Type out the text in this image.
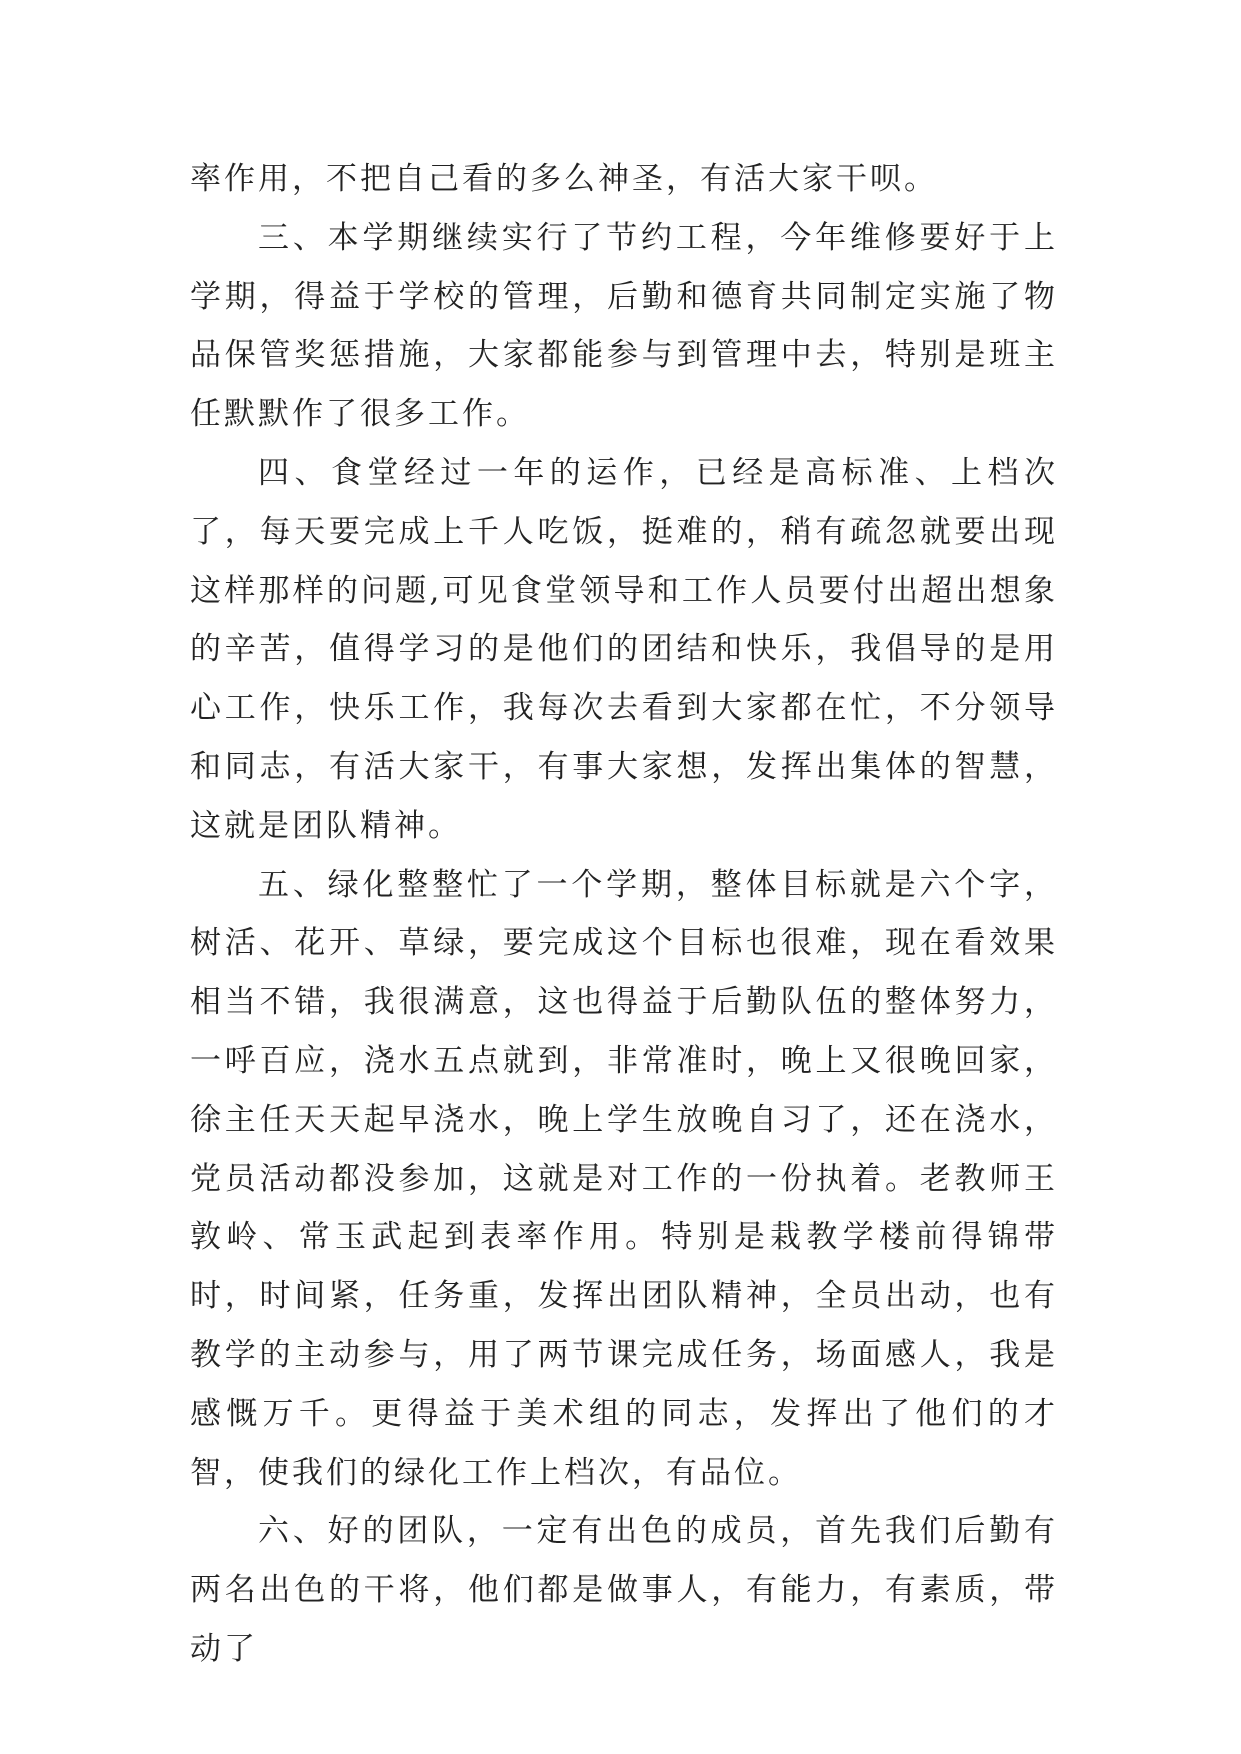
率作用，不把自己看的多么神圣，有活大家干呗。

三、本学期继续实行了节约工程，今年维修要好于上学期，得益于学校的管理，后勤和德育共同制定实施了物品保管奖惩措施，大家都能参与到管理中去，特别是班主任默默作了很多工作。

四、食堂经过一年的运作，已经是高标准、上档次了，每天要完成上千人吃饭，挺难的，稍有疏忽就要出现这样那样的问题,可见食堂领导和工作人员要付出超出想象的辛苦，值得学习的是他们的团结和快乐，我倡导的是用心工作，快乐工作，我每次去看到大家都在忙，不分领导和同志，有活大家干，有事大家想，发挥出集体的智慧，这就是团队精神。

五、绿化整整忙了一个学期，整体目标就是六个字，树活、花开、草绿，要完成这个目标也很难，现在看效果相当不错，我很满意，这也得益于后勤队伍的整体努力，一呼百应，浇水五点就到，非常准时，晚上又很晚回家，徐主任天天起早浇水，晚上学生放晚自习了，还在浇水，党员活动都没参加，这就是对工作的一份执着。老教师王敦岭、常玉武起到表率作用。特别是栽教学楼前得锦带时，时间紧，任务重，发挥出团队精神，全员出动，也有教学的主动参与，用了两节课完成任务，场面感人，我是感慨万千。更得益于美术组的同志，发挥出了他们的才智，使我们的绿化工作上档次，有品位。

六、好的团队，一定有出色的成员，首先我们后勤有两名出色的干将，他们都是做事人，有能力，有素质，带动了
